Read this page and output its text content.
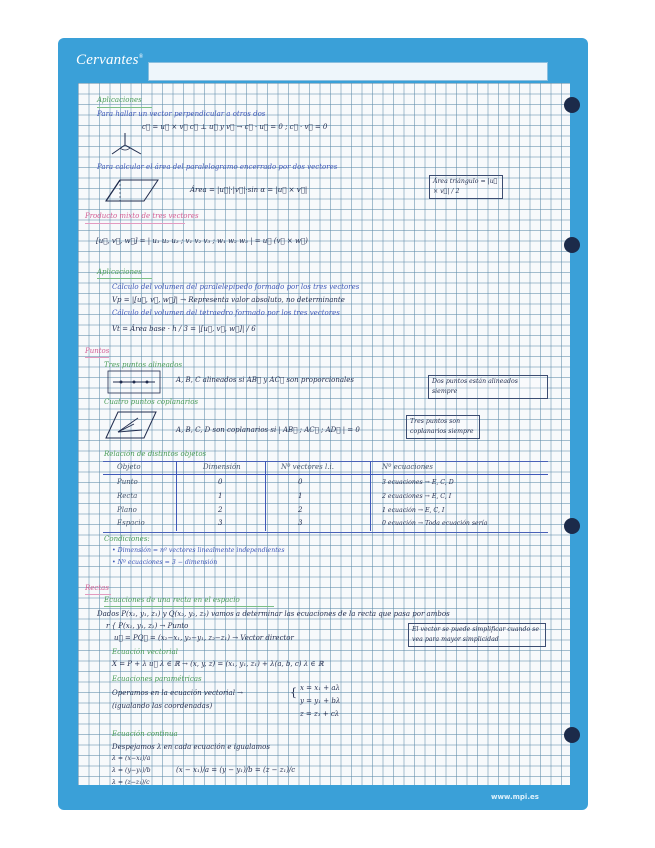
Cervantes®
www.mpi.es
Aplicaciones
Para hallar un vector perpendicular a otros dos
c⃗ = u⃗ × v⃗ c⃗ ⊥ u⃗ y v⃗ → c⃗ · u⃗ = 0 ; c⃗ · v⃗ = 0
Para calcular el área del paralelogramo encerrado por dos vectores
Área = |u⃗|·|v⃗|·sin α = |u⃗ × v⃗|
Área triángulo = |u⃗ × v⃗| / 2
Producto mixto de tres vectores
[u⃗, v⃗, w⃗] = | u₁ u₂ u₃ ; v₁ v₂ v₃ ; w₁ w₂ w₃ | = u⃗ (v⃗ × w⃗)
Aplicaciones
Cálculo del volumen del paralelepípedo formado por los tres vectores
Vp = |[u⃗, v⃗, w⃗]| → Representa valor absoluto, no determinante
Cálculo del volumen del tetraedro formado por los tres vectores
Vt = Área base · h / 3 = |[u⃗, v⃗, w⃗]| / 6
Puntos
Tres puntos alineados
A, B, C alineados si AB⃗ y AC⃗ son proporcionales	Dos puntos están alineados siempre
Cuatro puntos coplanarios
A, B, C, D son coplanarios si | AB⃗ ; AC⃗ ; AD⃗ | = 0
Tres puntos son coplanarios siempre
Relación de distintos objetos
Objeto	Dimensión	Nº vectores l.i.	Nº ecuaciones
Punto	0	0	3 ecuaciones → E, C, D
Recta	1	1	2 ecuaciones → E, C, I
Plano	2	2	1 ecuación → E, C, I
Espacio	3	3	0 ecuación → Toda ecuación sería
Condiciones:
• Dimensión = nº vectores linealmente independientes
• Nº ecuaciones = 3 − dimensión
Rectas
Ecuaciones de una recta en el espacio
Dados P(x₁, y₁, z₁) y Q(x₂, y₂, z₂) vamos a determinar las ecuaciones de la recta que pasa por ambos
r { P(x₁, y₁, z₁) → Punto
u⃗ = PQ⃗ = (x₂−x₁, y₂−y₁, z₂−z₁) → Vector director
El vector se puede simplificar cuando se vea para mayor simplicidad
Ecuación vectorial
X = P + λ u⃗ λ ∈ ℝ → (x, y, z) = (x₁, y₁, z₁) + λ(a, b, c) λ ∈ ℝ
Ecuaciones paramétricas
Operamos en la ecuación vectorial →
(igualando las coordenadas)
{ x = x₁ + aλ
y = y₁ + bλ
z = z₁ + cλ
Ecuación continua
Despejamos λ en cada ecuación e igualamos
λ = (x−x₁)/a
λ = (y−y₁)/b
λ = (z−z₁)/c
(x − x₁)/a = (y − y₁)/b = (z − z₁)/c
